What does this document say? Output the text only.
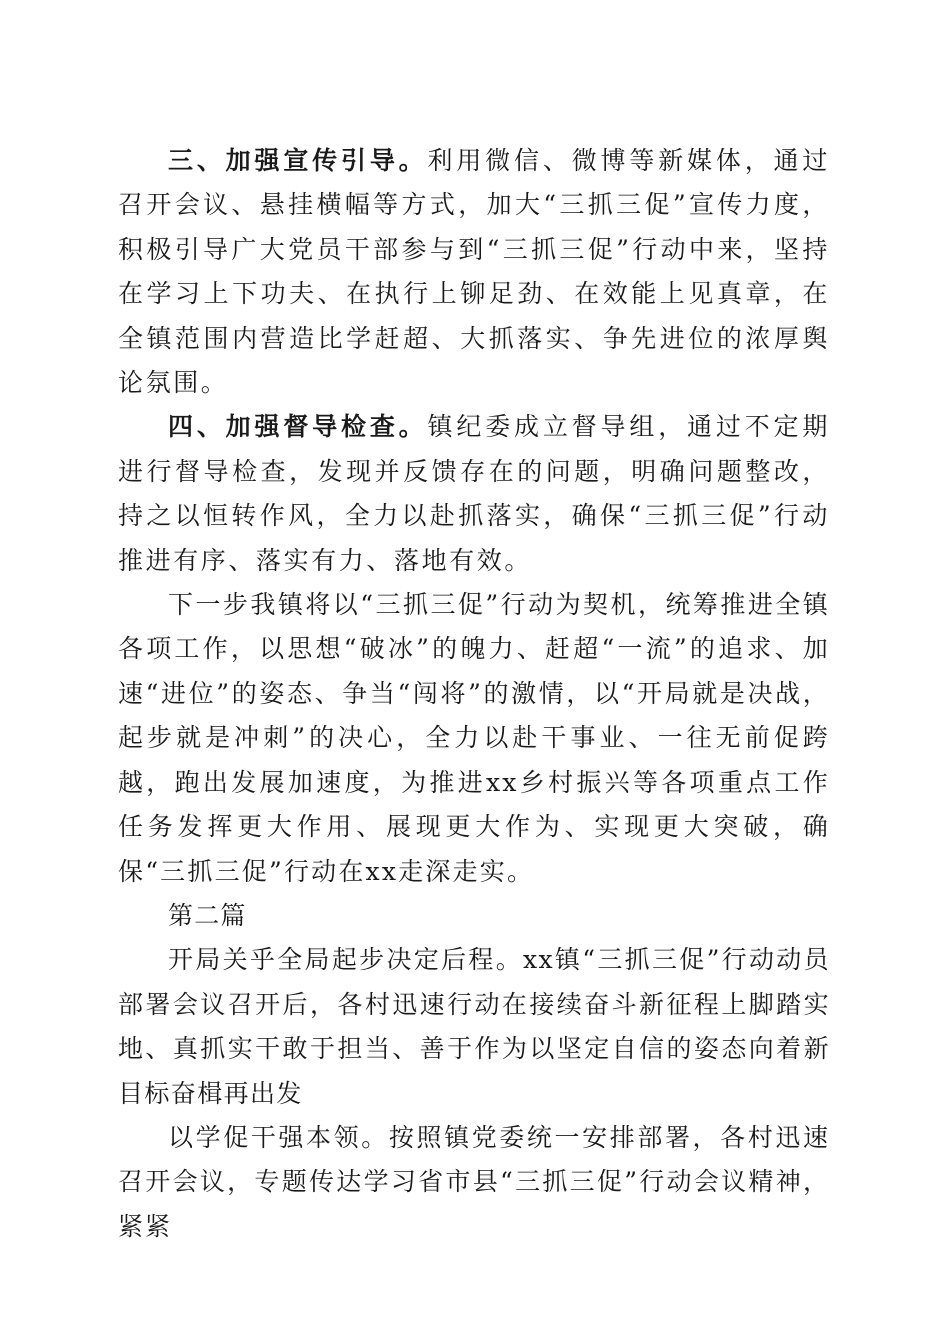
三、加强宣传引导。利用微信、微博等新媒体，通过召开会议、悬挂横幅等方式，加大“三抓三促”宣传力度，积极引导广大党员干部参与到“三抓三促”行动中来，坚持在学习上下功夫、在执行上铆足劲、在效能上见真章，在全镇范围内营造比学赶超、大抓落实、争先进位的浓厚舆论氛围。

四、加强督导检查。镇纪委成立督导组，通过不定期进行督导检查，发现并反馈存在的问题，明确问题整改，持之以恒转作风，全力以赴抓落实，确保“三抓三促”行动推进有序、落实有力、落地有效。

下一步我镇将以“三抓三促”行动为契机，统筹推进全镇各项工作，以思想“破冰”的魄力、赶超“一流”的追求、加速“进位”的姿态、争当“闯将”的激情，以“开局就是决战，起步就是冲刺”的决心，全力以赴干事业、一往无前促跨越，跑出发展加速度，为推进xx乡村振兴等各项重点工作任务发挥更大作用、展现更大作为、实现更大突破，确保“三抓三促”行动在xx走深走实。

第二篇

开局关乎全局起步决定后程。xx镇“三抓三促”行动动员部署会议召开后，各村迅速行动在接续奋斗新征程上脚踏实地、真抓实干敢于担当、善于作为以坚定自信的姿态向着新目标奋楫再出发

以学促干强本领。按照镇党委统一安排部署，各村迅速召开会议，专题传达学习省市县“三抓三促”行动会议精神，紧紧
